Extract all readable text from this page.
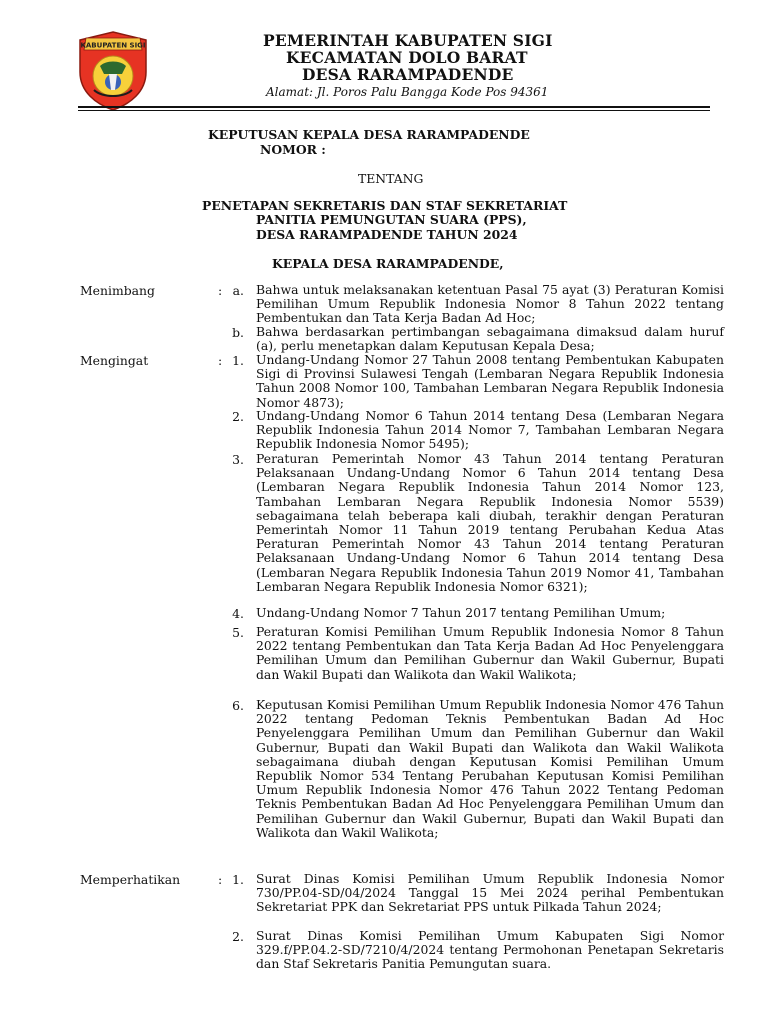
KABUPATEN SIGI	PEMERINTAH KABUPATEN SIGI
KECAMATAN DOLO BARAT
DESA RARAMPADENDE
Alamat: Jl. Poros Palu Bangga Kode Pos 94361
KEPUTUSAN KEPALA DESA RARAMPADENDE
NOMOR :
TENTANG
PENETAPAN SEKRETARIS DAN STAF SEKRETARIAT
PANITIA PEMUNGUTAN SUARA (PPS),
DESA RARAMPADENDE TAHUN 2024
KEPALA DESA RARAMPADENDE,
Menimbang	: a. Bahwa untuk melaksanakan ketentuan Pasal 75 ayat (3) Peraturan Komisi Pemilihan Umum Republik Indonesia Nomor 8 Tahun 2022 tentang Pembentukan dan Tata Kerja Badan Ad Hoc;
b. Bahwa berdasarkan pertimbangan sebagaimana dimaksud dalam huruf (a), perlu menetapkan dalam Keputusan Kepala Desa;
Mengingat	: 1. Undang-Undang Nomor 27 Tahun 2008 tentang Pembentukan Kabupaten Sigi di Provinsi Sulawesi Tengah (Lembaran Negara Republik Indonesia Tahun 2008 Nomor 100, Tambahan Lembaran Negara Republik Indonesia Nomor 4873);
2. Undang-Undang Nomor 6 Tahun 2014 tentang Desa (Lembaran Negara Republik Indonesia Tahun 2014 Nomor 7, Tambahan Lembaran Negara Republik Indonesia Nomor 5495);
3. Peraturan Pemerintah Nomor 43 Tahun 2014 tentang Peraturan Pelaksanaan Undang-Undang Nomor 6 Tahun 2014 tentang Desa (Lembaran Negara Republik Indonesia Tahun 2014 Nomor 123, Tambahan Lembaran Negara Republik Indonesia Nomor 5539) sebagaimana telah beberapa kali diubah, terakhir dengan Peraturan Pemerintah Nomor 11 Tahun 2019 tentang Perubahan Kedua Atas Peraturan Pemerintah Nomor 43 Tahun 2014 tentang Peraturan Pelaksanaan Undang-Undang Nomor 6 Tahun 2014 tentang Desa (Lembaran Negara Republik Indonesia Tahun 2019 Nomor 41, Tambahan Lembaran Negara Republik Indonesia Nomor 6321);
4. Undang-Undang Nomor 7 Tahun 2017 tentang Pemilihan Umum;
5. Peraturan Komisi Pemilihan Umum Republik Indonesia Nomor 8 Tahun 2022 tentang Pembentukan dan Tata Kerja Badan Ad Hoc Penyelenggara Pemilihan Umum dan Pemilihan Gubernur dan Wakil Gubernur, Bupati dan Wakil Bupati dan Walikota dan Wakil Walikota;
6. Keputusan Komisi Pemilihan Umum Republik Indonesia Nomor 476 Tahun 2022 tentang Pedoman Teknis Pembentukan Badan Ad Hoc Penyelenggara Pemilihan Umum dan Pemilihan Gubernur dan Wakil Gubernur, Bupati dan Wakil Bupati dan Walikota dan Wakil Walikota sebagaimana diubah dengan Keputusan Komisi Pemilihan Umum Republik Nomor 534 Tentang Perubahan Keputusan Komisi Pemilihan Umum Republik Indonesia Nomor 476 Tahun 2022 Tentang Pedoman Teknis Pembentukan Badan Ad Hoc Penyelenggara Pemilihan Umum dan Pemilihan Gubernur dan Wakil Gubernur, Bupati dan Wakil Bupati dan Walikota dan Wakil Walikota;
Memperhatikan	: 1. Surat Dinas Komisi Pemilihan Umum Republik Indonesia Nomor 730/PP.04-SD/04/2024 Tanggal 15 Mei 2024 perihal Pembentukan Sekretariat PPK dan Sekretariat PPS untuk Pilkada Tahun 2024;
2. Surat Dinas Komisi Pemilihan Umum Kabupaten Sigi Nomor 329.f/PP.04.2-SD/7210/4/2024 tentang Permohonan Penetapan Sekretaris dan Staf Sekretaris Panitia Pemungutan suara.
